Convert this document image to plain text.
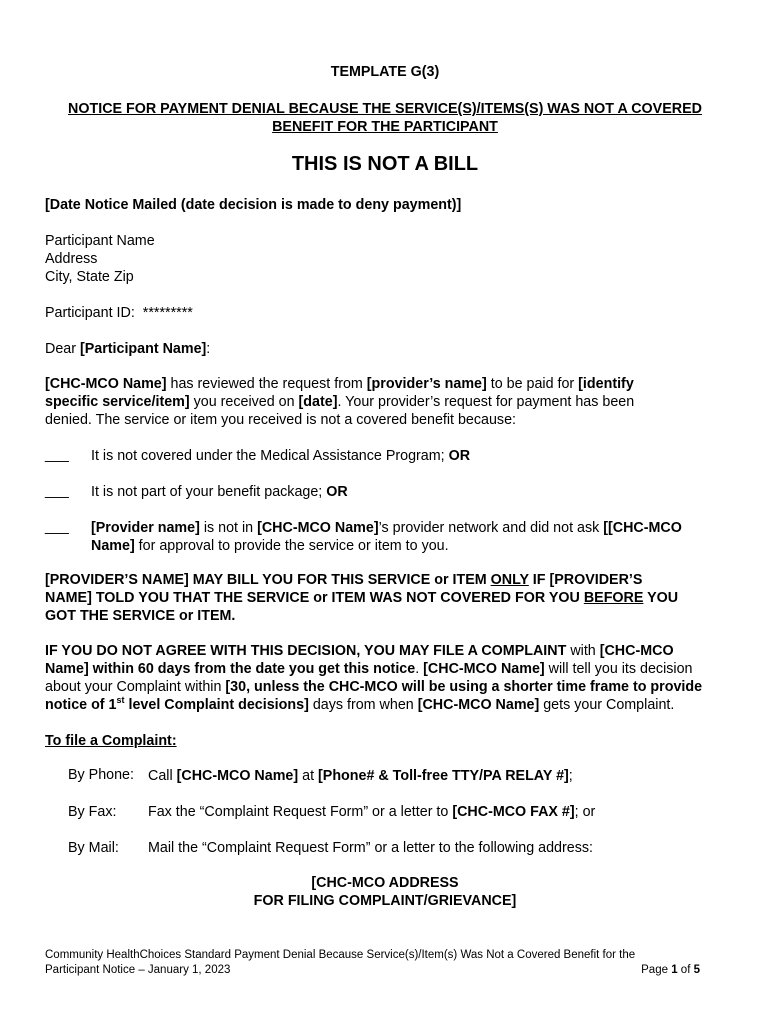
TEMPLATE G(3)
NOTICE FOR PAYMENT DENIAL BECAUSE THE SERVICE(S)/ITEMS(S) WAS NOT A COVERED
BENEFIT FOR THE PARTICIPANT
THIS IS NOT A BILL
[Date Notice Mailed (date decision is made to deny payment)]
Participant Name
Address
City, State Zip
Participant ID: *********
Dear [Participant Name]:
[CHC-MCO Name] has reviewed the request from [provider’s name] to be paid for [identify
specific service/item] you received on [date]. Your provider’s request for payment has been
denied. The service or item you received is not a covered benefit because:
___ It is not covered under the Medical Assistance Program; OR
___ It is not part of your benefit package; OR
___ [Provider name] is not in [CHC-MCO Name]’s provider network and did not ask [[CHC-MCO
Name] for approval to provide the service or item to you.
[PROVIDER’S NAME] MAY BILL YOU FOR THIS SERVICE or ITEM ONLY IF [PROVIDER’S
NAME] TOLD YOU THAT THE SERVICE or ITEM WAS NOT COVERED FOR YOU BEFORE YOU
GOT THE SERVICE or ITEM.
IF YOU DO NOT AGREE WITH THIS DECISION, YOU MAY FILE A COMPLAINT with [CHC-MCO
Name] within 60 days from the date you get this notice. [CHC-MCO Name] will tell you its decision
about your Complaint within [30, unless the CHC-MCO will be using a shorter time frame to provide
notice of 1st level Complaint decisions] days from when [CHC-MCO Name] gets your Complaint.
To file a Complaint:
By Phone: Call [CHC-MCO Name] at [Phone# & Toll-free TTY/PA RELAY #];
By Fax: Fax the “Complaint Request Form” or a letter to [CHC-MCO FAX #]; or
By Mail: Mail the “Complaint Request Form” or a letter to the following address:
[CHC-MCO ADDRESS
FOR FILING COMPLAINT/GRIEVANCE]
Community HealthChoices Standard Payment Denial Because Service(s)/Item(s) Was Not a Covered Benefit for the
Participant Notice – January 1, 2023	Page 1 of 5
